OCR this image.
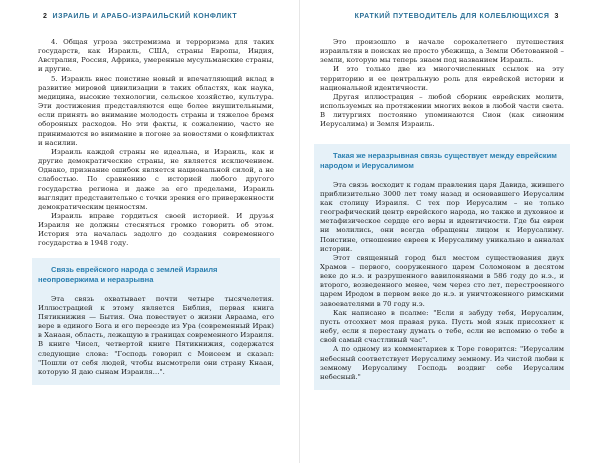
2 ИЗРАИЛЬ И АРАБО-ИЗРАИЛЬСКИЙ КОНФЛИКТ

4. Общая угроза экстремизма и терроризма для таких государств, как Израиль, США, страны Европы, Индия, Австралия, Россия, Африка, умеренные мусульманские страны, и другие.

5. Израиль внес поистине новый и впечатляющий вклад в развитие мировой цивилизации в таких областях, как наука, медицина, высокие технологии, сельское хозяйство, культура. Эти достижения представляются еще более внушительными, если принять во внимание молодость страны и тяжелое бремя оборонных расходов. Но эти факты, к сожалению, часто не принимаются во внимание в погоне за новостями о конфликтах и насилии.

Израиль каждой страны не идеальна, и Израиль, как и другие демократические страны, не является исключением. Однако, признание ошибок является национальной силой, а не слабостью. По сравнению с историей любого другого государства региона и даже за его пределами, Израиль выглядит представительно с точки зрения его приверженности демократическим ценностям.

Израиль вправе гордиться своей историей. И друзья Израиля не должны стесняться громко говорить об этом. История эта началась задолго до создания современного государства в 1948 году.

Связь еврейского народа с землей Израиля неопровержима и неразрывна

Эта связь охватывает почти четыре тысячелетия. Иллюстрацией к этому является Библия, первая книга Пятикнижия — Бытия. Она повествует о жизни Авраама, его вере в единого Бога и его переезде из Ура (современный Ирак) в Ханаан, область, лежащую в границах современного Израиля. В книге Чисел, четвертой книге Пятикнижия, содержатся следующие слова: "Господь говорил с Моисеем и сказал: "Пошли от себя людей, чтобы высмотрели они страну Кнаан, которую Я даю сынам Израиля…".

КРАТКИЙ ПУТЕВОДИТЕЛЬ ДЛЯ КОЛЕБЛЮЩИХСЯ 3

Это произошло в начале сорокалетнего путешествия израильтян в поисках не просто убежища, а Земли Обетованной – земли, которую мы теперь знаем под названием Израиль.

И это только две из многочисленных ссылок на эту территорию и ее центральную роль для еврейской истории и национальной идентичности.

Другая иллюстрация – любой сборник еврейских молитв, используемых на протяжении многих веков в любой части света. В литургиях постоянно упоминаются Сион (как синоним Иерусалима) и Земля Израиль.

Такая же неразрывная связь существует между еврейским народом и Иерусалимом

Эта связь восходит к годам правления царя Давида, жившего приблизительно 3000 лет тому назад и основавшего Иерусалим как столицу Израиля. С тех пор Иерусалим – не только географический центр еврейского народа, но также и духовное и метафизическое сердце его веры и идентичности. Где бы евреи ни молились, они всегда обращены лицом к Иерусалиму. Поистине, отношение евреев к Иерусалиму уникально в анналах истории.

Этот священный город был местом существования двух Храмов – первого, сооруженного царем Соломоном в десятом веке до н.э. и разрушенного вавилонянами в 586 году до н.э., и второго, возведенного менее, чем через сто лет, перестроенного царем Иродом в первом веке до н.э. и уничтоженного римскими завоевателями в 70 году н.э.

Как написано в псалме: "Если я забуду тебя, Иерусалим, пусть отсохнет моя правая рука. Пусть мой язык присохнет к небу, если я перестану думать о тебе, если не вспомню о тебе в свой самый счастливый час".

А по одному из комментариев к Торе говорится: "Иерусалим небесный соответствует Иерусалиму земному. Из чистой любви к земному Иерусалиму Господь воздвиг себе Иерусалим небесный."
